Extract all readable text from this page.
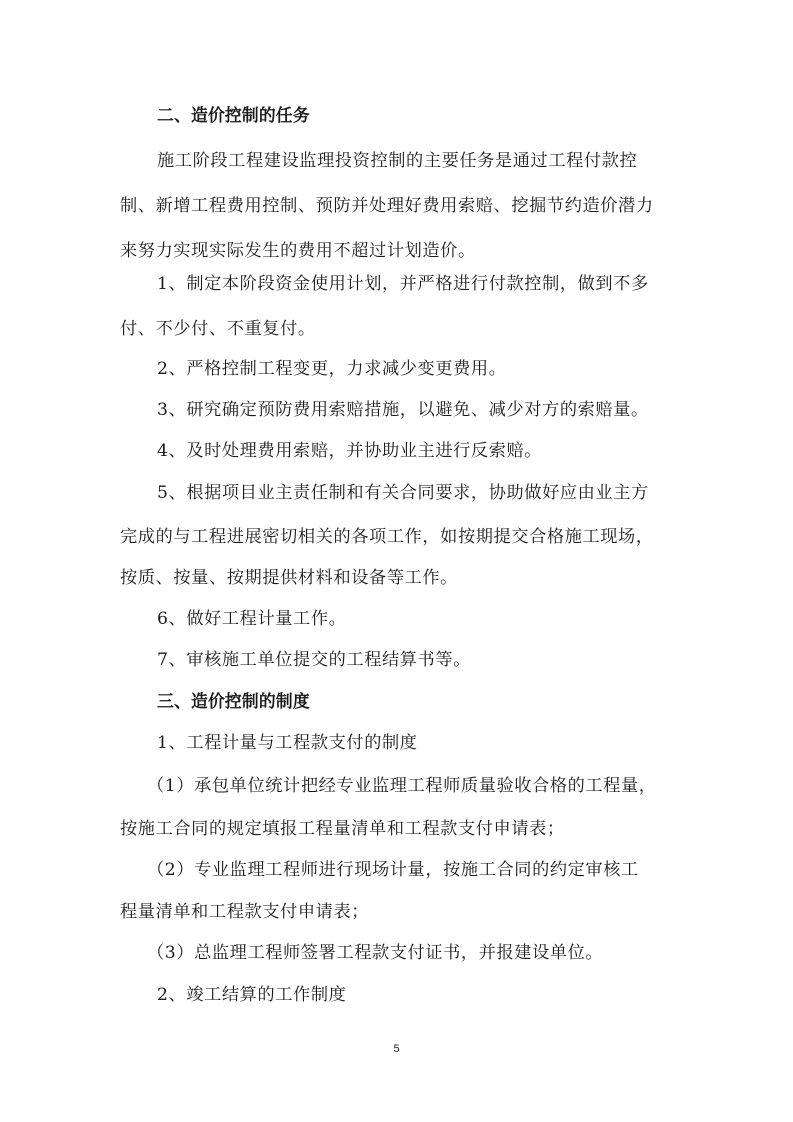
二、造价控制的任务
施工阶段工程建设监理投资控制的主要任务是通过工程付款控
制、新增工程费用控制、预防并处理好费用索赔、挖掘节约造价潜力
来努力实现实际发生的费用不超过计划造价。
1、制定本阶段资金使用计划，并严格进行付款控制，做到不多
付、不少付、不重复付。
2、严格控制工程变更，力求减少变更费用。
3、研究确定预防费用索赔措施，以避免、减少对方的索赔量。
4、及时处理费用索赔，并协助业主进行反索赔。
5、根据项目业主责任制和有关合同要求，协助做好应由业主方
完成的与工程进展密切相关的各项工作，如按期提交合格施工现场，
按质、按量、按期提供材料和设备等工作。
6、做好工程计量工作。
7、审核施工单位提交的工程结算书等。
三、造价控制的制度
1、工程计量与工程款支付的制度
（1）承包单位统计把经专业监理工程师质量验收合格的工程量，
按施工合同的规定填报工程量清单和工程款支付申请表；
（2）专业监理工程师进行现场计量，按施工合同的约定审核工
程量清单和工程款支付申请表；
（3）总监理工程师签署工程款支付证书，并报建设单位。
2、竣工结算的工作制度
5
